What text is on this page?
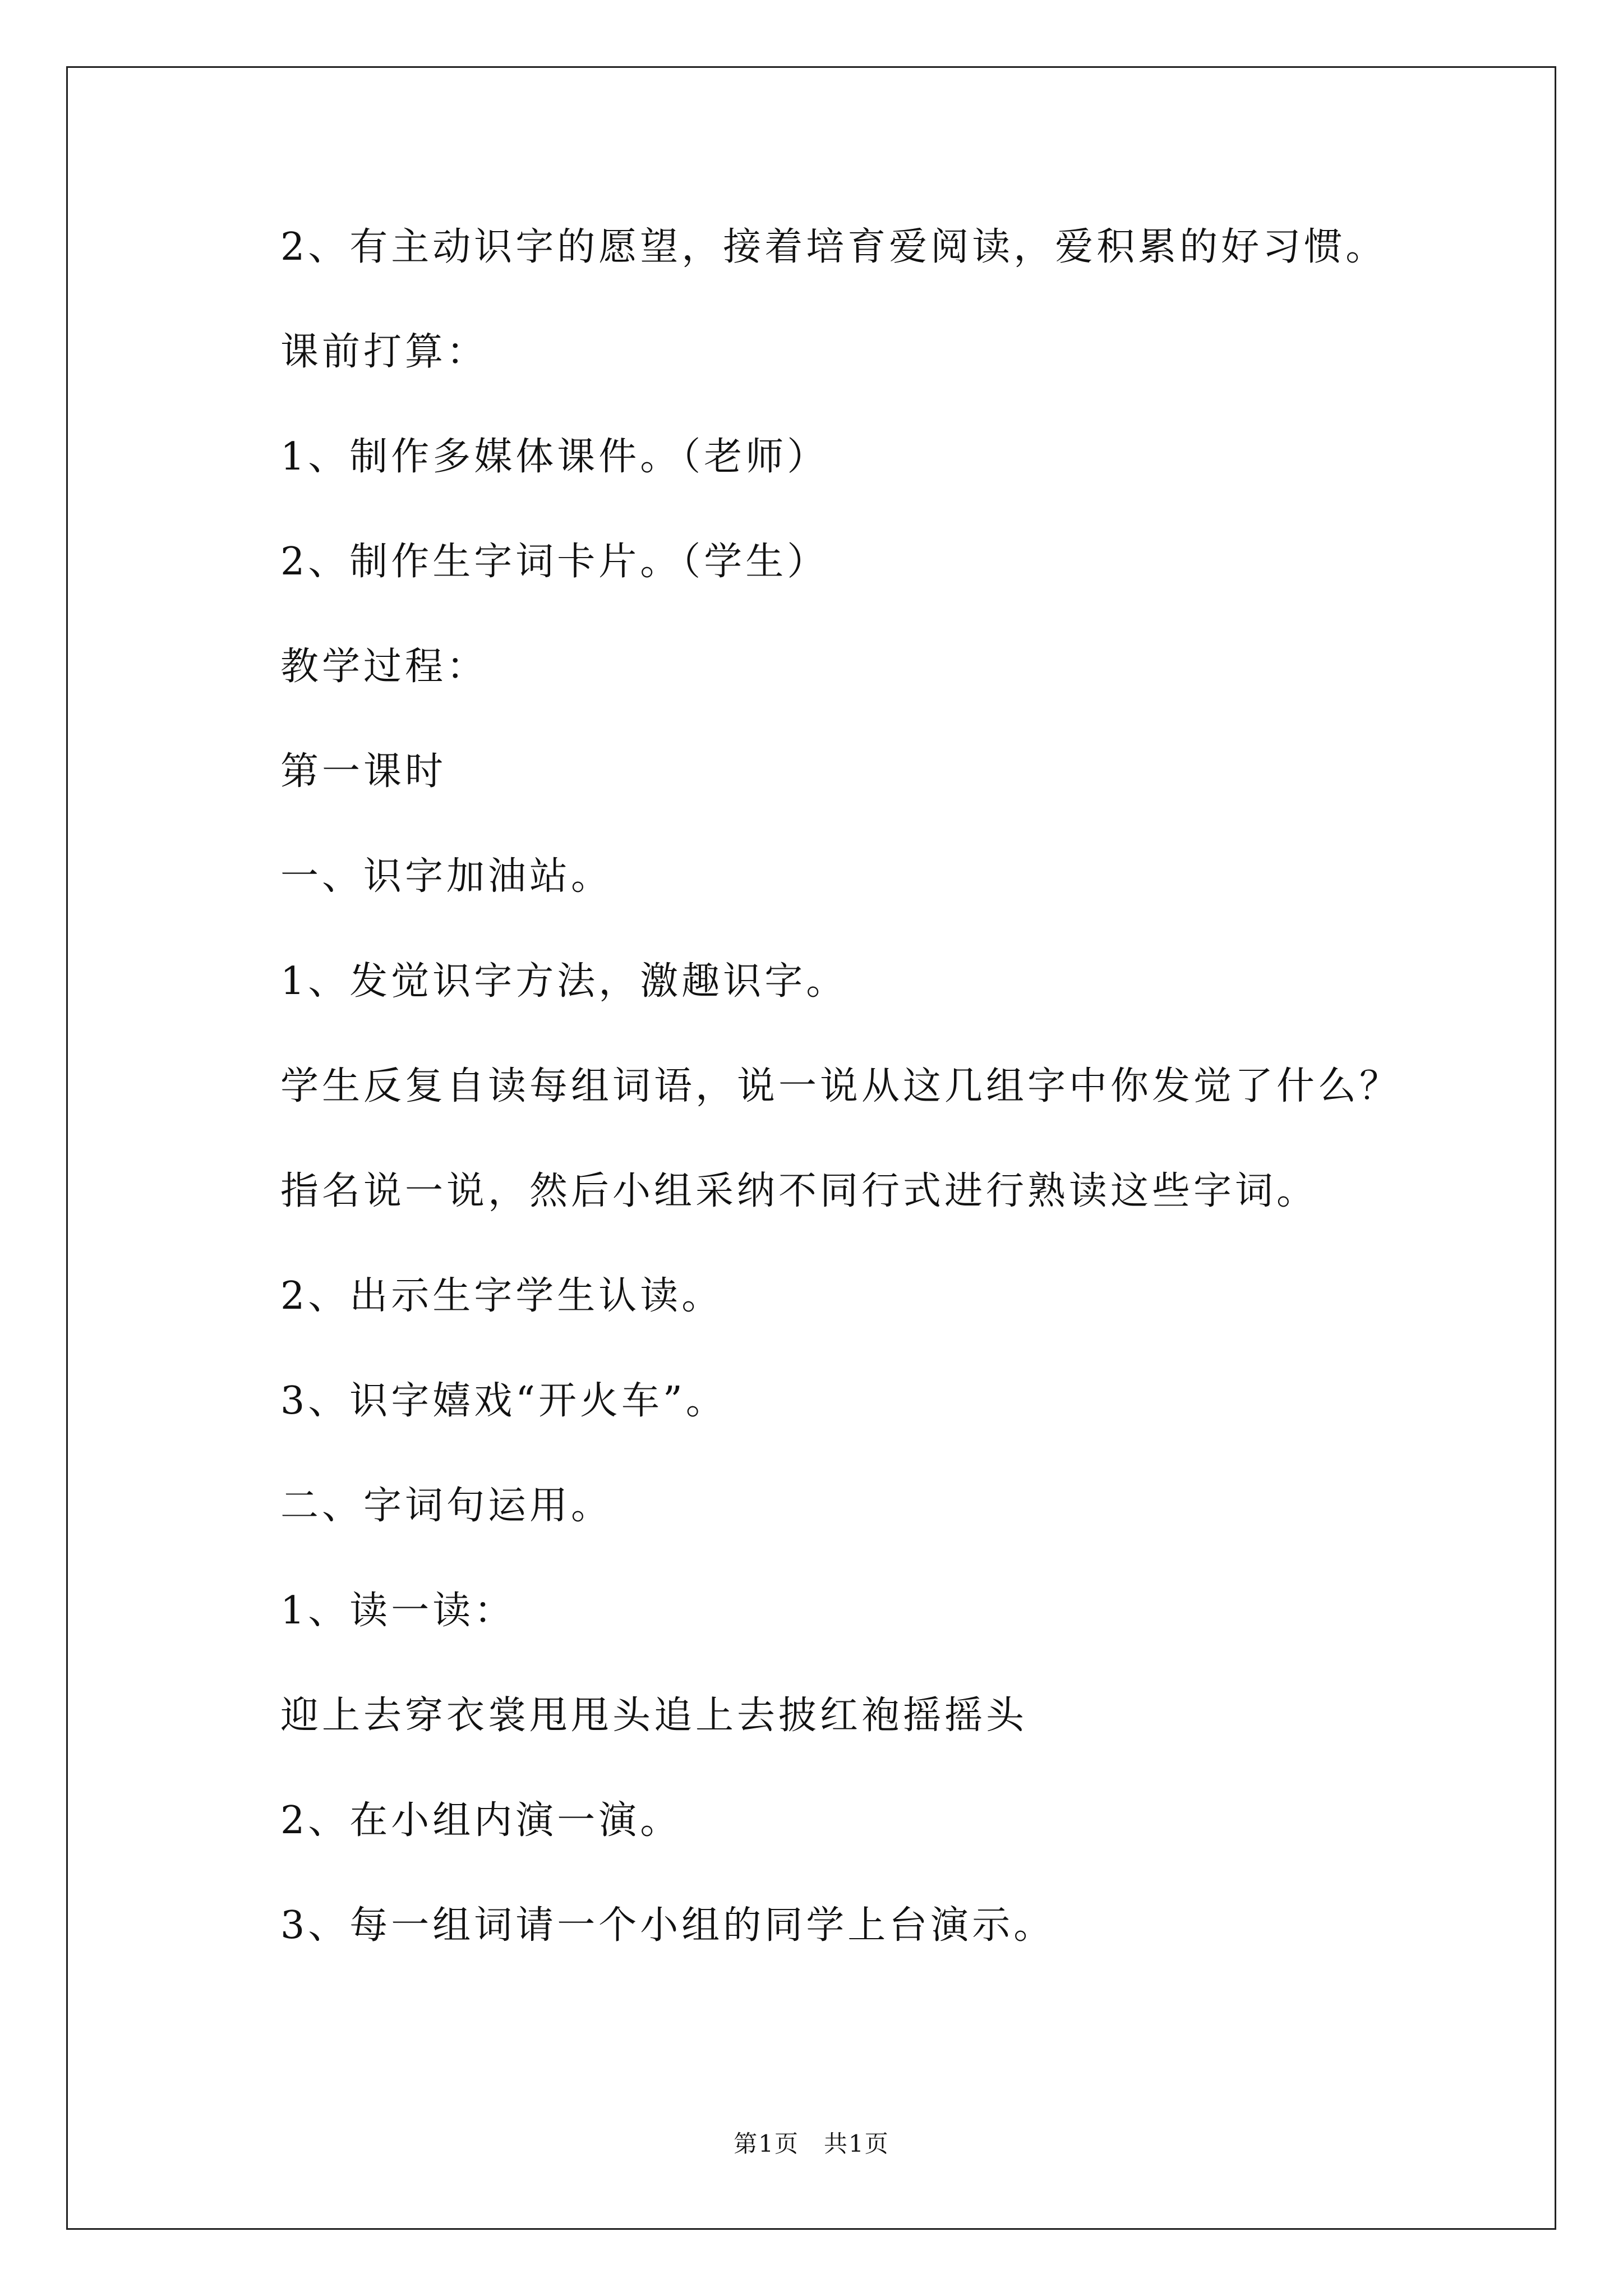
2、有主动识字的愿望，接着培育爱阅读，爱积累的好习惯。
课前打算：
1、制作多媒体课件。（老师）
2、制作生字词卡片。（学生）
教学过程：
第一课时
一、识字加油站。
1、发觉识字方法，激趣识字。
学生反复自读每组词语，说一说从这几组字中你发觉了什么？
指名说一说，然后小组采纳不同行式进行熟读这些字词。
2、出示生字学生认读。
3、识字嬉戏“开火车”。
二、字词句运用。
1、读一读：
迎上去穿衣裳甩甩头追上去披红袍摇摇头
2、在小组内演一演。
3、每一组词请一个小组的同学上台演示。
第1页　共1页
